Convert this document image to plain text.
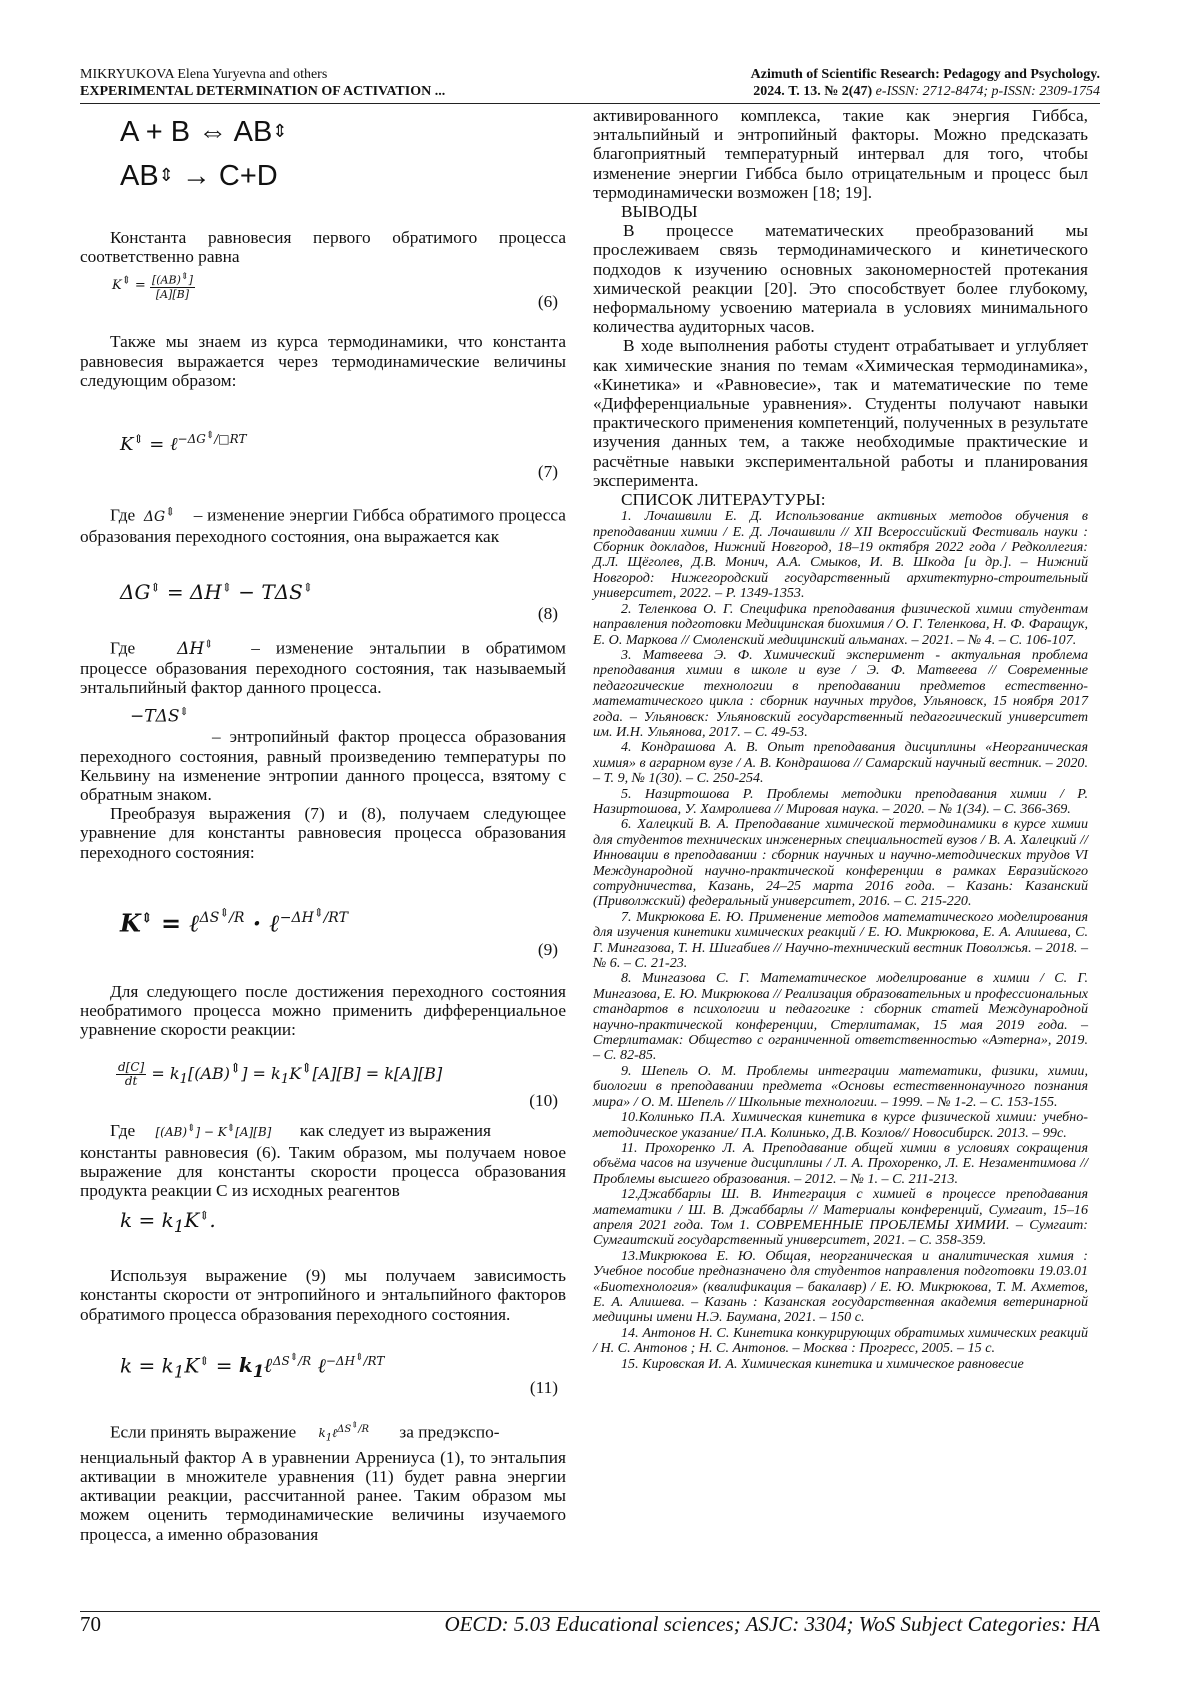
MIKRYUKOVA Elena Yuryevna and others
EXPERIMENTAL DETERMINATION OF ACTIVATION ...
Azimuth of Scientific Research: Pedagogy and Psychology.
2024. Т. 13. № 2(47) e-ISSN: 2712-8474; p-ISSN: 2309-1754
A + B ⇔ AB⇕
AB⇕ → C+D

Константа равновесия первого обратимого процесса соответственно равна

$K^⇕ = \frac{[(AB)^⇕]}{[A][B]}$
(6)

Также мы знаем из курса термодинамики, что константа равновесия выражается через термодинамические величины следующим образом:

K⇕ = ℓ$^{-\Delta G^⇕/□RT}$
(7)

Где ΔG⇕ – изменение энергии Гиббса обратимого процесса образования переходного состояния, она выражается как

ΔG⇕ = ΔH⇕ − TΔS⇕
(8)

Где ΔH⇕ – изменение энтальпии в обратимом процессе образования переходного состояния, так называемый энтальпийный фактор данного процесса.

−TΔS⇕

– энтропийный фактор процесса образования переходного состояния, равный произведению температуры по Кельвину на изменение энтропии данного процесса, взятому с обратным знаком.

Преобразуя выражения (7) и (8), получаем следующее уравнение для константы равновесия процесса образования переходного состояния:

K⇕ = ℓ$^{\Delta S^⇕/R}$ · ℓ$^{-\Delta H^⇕/RT}$
(9)

Для следующего после достижения переходного состояния необратимого процесса можно применить дифференциальное уравнение скорости реакции:

$\frac{d[C]}{dt} = k_1[(AB)^⇕] = k_1K^⇕[A][B] = k[A][B]$
(10)

Где [(AB)⇕] − K⇕[A][B] как следует из выражения

константы равновесия (6). Таким образом, мы получаем новое выражение для константы скорости процесса образования продукта реакции С из исходных реагентов

$k = k_1K^⇕$.

Используя выражение (9) мы получаем зависимость константы скорости от энтропийного и энтальпийного факторов обратимого процесса образования переходного состояния.

$k = k_1K^⇕$ = $k_1\ell^{\Delta S^⇕/R}$ ℓ$^{-\Delta H^⇕/RT}$
(11)

Если принять выражение $k_1\ell^{\Delta S^⇕/R}$ за предэкспо-

ненциальный фактор А в уравнении Аррениуса (1), то энтальпия активации в множителе уравнения (11) будет равна энергии активации реакции, рассчитанной ранее. Таким образом мы можем оценить термодинамические величины изучаемого процесса, а именно образования

активированного комплекса, такие как энергия Гиббса, энтальпийный и энтропийный факторы. Можно предсказать благоприятный температурный интервал для того, чтобы изменение энергии Гиббса было отрицательным и процесс был термодинамически возможен [18; 19].

ВЫВОДЫ

В процессе математических преобразований мы прослеживаем связь термодинамического и кинетического подходов к изучению основных закономерностей протекания химической реакции [20]. Это способствует более глубокому, неформальному усвоению материала в условиях минимального количества аудиторных часов.

В ходе выполнения работы студент отрабатывает и углубляет как химические знания по темам «Химическая термодинамика», «Кинетика» и «Равновесие», так и математические по теме «Дифференциальные уравнения». Студенты получают навыки практического применения компетенций, полученных в результате изучения данных тем, а также необходимые практические и расчётные навыки экспериментальной работы и планирования эксперимента.

СПИСОК ЛИТЕРАУТУРЫ:

1. Лочашвили Е. Д. Использование активных методов обучения в преподавании химии / Е. Д. Лочашвили // XII Всероссийский Фестиваль науки : Сборник докладов, Нижний Новгород, 18–19 октября 2022 года / Редколлегия: Д.Л. Щёголев, Д.В. Монич, А.А. Смыков, И. В. Шкода [и др.]. – Нижний Новгород: Нижегородский государственный архитектурно-строительный университет, 2022. – Р. 1349-1353.

2. Теленкова О. Г. Специфика преподавания физической химии студентам направления подготовки Медицинская биохимия / О. Г. Теленкова, Н. Ф. Фаращук, Е. О. Маркова // Смоленский медицинский альманах. – 2021. – № 4. – С. 106-107.

3. Матвеева Э. Ф. Химический эксперимент - актуальная проблема преподавания химии в школе и вузе / Э. Ф. Матвеева // Современные педагогические технологии в преподавании предметов естественно-математического цикла : сборник научных трудов, Ульяновск, 15 ноября 2017 года. – Ульяновск: Ульяновский государственный педагогический университет им. И.Н. Ульянова, 2017. – С. 49-53.

4. Кондрашова А. В. Опыт преподавания дисциплины «Неорганическая химия» в аграрном вузе / А. В. Кондрашова // Самарский научный вестник. – 2020. – Т. 9, № 1(30). – С. 250-254.

5. Назиртошова Р. Проблемы методики преподавания химии / Р. Назиртошова, У. Хамролиева // Мировая наука. – 2020. – № 1(34). – С. 366-369.

6. Халецкий В. А. Преподавание химической термодинамики в курсе химии для студентов технических инженерных специальностей вузов / В. А. Халецкий // Инновации в преподавании : сборник научных и научно-методических трудов VI Международной научно-практической конференции в рамках Евразийского сотрудничества, Казань, 24–25 марта 2016 года. – Казань: Казанский (Приволжский) федеральный университет, 2016. – С. 215-220.

7. Микрюкова Е. Ю. Применение методов математического моделирования для изучения кинетики химических реакций / Е. Ю. Микрюкова, Е. А. Алишева, С. Г. Мингазова, Т. Н. Шигабиев // Научно-технический вестник Поволжья. – 2018. – № 6. – С. 21-23.

8. Мингазова С. Г. Математическое моделирование в химии / С. Г. Мингазова, Е. Ю. Микрюкова // Реализация образовательных и профессиональных стандартов в психологии и педагогике : сборник статей Международной научно-практической конференции, Стерлитамак, 15 мая 2019 года. – Стерлитамак: Общество с ограниченной ответственностью «Аэтерна», 2019. – С. 82-85.

9. Шепель О. М. Проблемы интеграции математики, физики, химии, биологии в преподавании предмета «Основы естественнонаучного познания мира» / О. М. Шепель // Школьные технологии. – 1999. – № 1-2. – С. 153-155.

10.Колинько П.А. Химическая кинетика в курсе физической химии: учебно-методическое указание/ П.А. Колинько, Д.В. Козлов// Новосибирск. 2013. – 99с.

11. Прохоренко Л. А. Преподавание общей химии в условиях сокращения объёма часов на изучение дисциплины / Л. А. Прохоренко, Л. Е. Незаментимова // Проблемы высшего образования. – 2012. – № 1. – С. 211-213.

12.Джаббарлы Ш. В. Интеграция с химией в процессе преподавания математики / Ш. В. Джаббарлы // Материалы конференций, Сумгаит, 15–16 апреля 2021 года. Том 1. СОВРЕМЕННЫЕ ПРОБЛЕМЫ ХИМИИ. – Сумгаит: Сумгаитский государственный университет, 2021. – С. 358-359.

13.Микрюкова Е. Ю. Общая, неорганическая и аналитическая химия : Учебное пособие предназначено для студентов направления подготовки 19.03.01 «Биотехнология» (квалификация – бакалавр) / Е. Ю. Микрюкова, Т. М. Ахметов, Е. А. Алишева. – Казань : Казанская государственная академия ветеринарной медицины имени Н.Э. Баумана, 2021. – 150 с.

14. Антонов Н. С. Кинетика конкурирующих обратимых химических реакций / Н. С. Антонов ; Н. С. Антонов. – Москва : Прогресс, 2005. – 15 с.

15. Кировская И. А. Химическая кинетика и химическое равновесие

70	OECD: 5.03 Educational sciences; ASJC: 3304; WoS Subject Categories: HA
